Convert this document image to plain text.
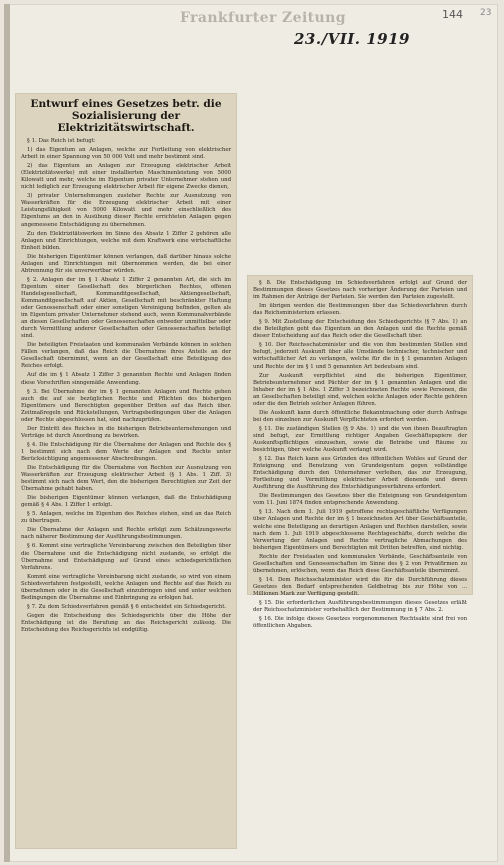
Frankfurter Zeitung	144 23
23./VII. 1919
Entwurf eines Gesetzes betr. die Sozialisierung der Elektrizitätswirtschaft.

§ 1. Das Reich ist befugt:

1) das Eigentum an Anlagen, welche zur Fortleitung von elektrischer Arbeit in einer Spannung von 50 000 Volt und mehr bestimmt sind.

2) das Eigentum an Anlagen zur Erzeugung elektrischer Arbeit (Elektrizitätswerke) mit einer installierten Maschinenleistung von 5000 Kilowatt und mehr, welche im Eigentum privater Unternehmer stehen und nicht lediglich zur Erzeugung elektrischer Arbeit für eigene Zwecke dienen,

3) privater Unternehmungen zusteher Rechte zur Ausnutzung von Wasserkräften für die Erzeugung elektrischer Arbeit mit einer Leistungsfähigkeit von 5000 Kilowatt und mehr einschließlich des Eigentums an den in Ausübung dieser Rechte errichteten Anlagen gegen angemessene Entschädigung zu übernehmen.

Zu den Elektrizitätswerken im Sinne des Absatz 1 Ziffer 2 gehören alle Anlagen und Einrichtungen, welche mit dem Kraftwerk eine wirtschaftliche Einheit bilden.

Die bisherigen Eigentümer können verlangen, daß darüber hinaus solche Anlagen und Einrichtungen mit übernommen werden, die bei einer Abtrennung für sie unverwertbar würden.

§ 2. Anlagen der im § 1 Absatz 1 Ziffer 2 genannten Art, die sich im Eigentum einer Gesellschaft des bürgerlichen Rechtes, offenen Handelsgesellschaft, Kommanditgesellschaft, Aktiengesellschaft, Kommanditgesellschaft auf Aktien, Gesellschaft mit beschränkter Haftung oder Genossenschaft oder einer sonstigen Vereinigung befinden, gelten als im Eigentum privater Unternehmer stehend auch, wenn Kommunalverbände an diesen Gesellschaften oder Genossenschaften entweder unmittelbar oder durch Vermittlung anderer Gesellschaften oder Genossenschaften beteiligt sind.

Die beteiligten Freistaaten und kommunalen Verbände können in solchen Fällen verlangen, daß das Reich die Übernahme ihres Anteils an der Gesellschaft übernimmt, wenn an der Gesellschaft eine Beteiligung des Reiches erfolgt.

Auf die im § 1 Absatz 1 Ziffer 3 genannten Rechte und Anlagen finden diese Vorschriften sinngemäße Anwendung.

§ 3. Bei Übernahme der im § 1 genannten Anlagen und Rechte gehen auch die auf sie bezüglichen Rechte und Pflichten des bisherigen Eigentümers und Berechtigten gegenüber Dritten auf das Reich über. Zeitmaßregeln und Rückstellungen, Vertragsbedingungen über die Anlagen oder Rechte abgeschlossen hat, sind nachzuprüfen.

Der Eintritt des Reiches in die bisherigen Betriebsunternehmungen und Verträge ist durch Anordnung zu bewirken.

§ 4. Die Entschädigung für die Übernahme der Anlagen und Rechte des § 1 bestimmt sich nach dem Werte der Anlagen und Rechte unter Berücksichtigung angemessener Abschreibungen.

Die Entschädigung für die Übernahme von Rechten zur Ausnutzung von Wasserkräften zur Erzeugung elektrischer Arbeit (§ 1 Abs. 1 Ziff. 3) bestimmt sich nach dem Wert, den die bisherigen Berechtigten zur Zeit der Übernahme gehabt haben.

Die bisherigen Eigentümer können verlangen, daß die Entschädigung gemäß § 4 Abs. 1 Ziffer 1 erfolgt.

§ 5. Anlagen, welche im Eigentum des Reiches stehen, sind an das Reich zu übertragen.

Die Übernahme der Anlagen und Rechte erfolgt zum Schätzungswerte nach näherer Bestimmung der Ausführungsbestimmungen.

§ 6. Kommt eine vertragliche Vereinbarung zwischen den Beteiligten über die Übernahme und die Entschädigung nicht zustande, so erfolgt die Übernahme und Entschädigung auf Grund eines schiedsgerichtlichen Verfahrens.

Kommt eine vertragliche Vereinbarung nicht zustande, so wird von einem Schiedsverfahren festgestellt, welche Anlagen und Rechte auf das Reich zu übernehmen oder in die Gesellschaft einzubringen sind und unter welchen Bedingungen die Übernahme und Einbringung zu erfolgen hat.

§ 7. Zu dem Schiedsverfahren gemäß § 6 entscheidet ein Schiedsgericht.

Gegen die Entscheidung des Schiedsgerichts über die Höhe der Entschädigung ist die Berufung an das Reichsgericht zulässig. Die Entscheidung des Reichsgerichts ist endgültig.

§ 8. Die Entschädigung im Schiedsverfahren erfolgt auf Grund der Bestimmungen dieses Gesetzes nach vorheriger Änderung der Parteien und im Rahmen der Anträge der Parteien. Sie werden den Parteien zugestellt.

Im übrigen werden die Bestimmungen über das Schiedsverfahren durch das Reichsministerium erlassen.

§ 9. Mit Zustellung der Entscheidung des Schiedsgerichts (§ 7 Abs. 1) an die Beteiligten geht das Eigentum an den Anlagen und die Rechte gemäß dieser Entscheidung auf das Reich oder die Gesellschaft über.

§ 10. Der Reichsschatzminister und die von ihm bestimmten Stellen sind befugt, jederzeit Auskunft über alle Umstände technischer, technischer und wirtschaftlicher Art zu verlangen, welche für die in § 1 genannten Anlagen und Rechte der im § 1 und 5 genannten Art bedeutsam sind.

Zur Auskunft verpflichtet sind die bisherigen Eigentümer, Betriebsunternehmer und Pächter der im § 1 genannten Anlagen und die Inhaber der im § 1 Abs. 1 Ziffer 3 bezeichneten Rechte sowie Personen, die an Gesellschaften beteiligt sind, welchen solche Anlagen oder Rechte gehören oder die den Betrieb solcher Anlagen führen.

Die Auskunft kann durch öffentliche Bekanntmachung oder durch Anfrage bei den einzelnen zur Auskunft Verpflichteten erfordert werden.

§ 11. Die zuständigen Stellen (§ 9 Abs. 1) und die von ihnen Beauftragten sind befugt, zur Ermittlung richtiger Angaben Geschäftspapiere der Auskunftspflichtigen einzusehen, sowie die Betriebe und Räume zu besichtigen, über welche Auskunft verlangt wird.

§ 12. Das Reich kann aus Gründen des öffentlichen Wohles auf Grund der Enteignung und Benutzung von Grundeigentum gegen vollständige Entschädigung durch den Unternehmer verleihen, das zur Erzeugung, Fortleitung und Vermittlung elektrischer Arbeit dienende und deren Ausführung die Ausführung des Entschädigungsverfahrens erfordert.

Die Bestimmungen des Gesetzes über die Enteignung von Grundeigentum vom 11. Juni 1874 finden entsprechende Anwendung.

§ 13. Nach dem 1. Juli 1919 getroffene rechtsgeschäftliche Verfügungen über Anlagen und Rechte der im § 1 bezeichneten Art über Geschäftsanteile, welche eine Beteiligung an derartigen Anlagen und Rechten darstellen, sowie nach dem 1. Juli 1919 abgeschlossene Rechtsgeschäfte, durch welche die Verwertung der Anlagen und Rechte vertragliche Abmachungen des bisherigen Eigentümers und Berechtigten mit Dritten betreffen, sind nichtig.

Rechte der Freistaaten und kommunalen Verbände, Geschäftsanteile von Gesellschaften und Genossenschaften im Sinne des § 2 von Privatfirmen zu übernehmen, erlöschen, wenn das Reich diese Geschäftsanteile übernimmt.

§ 14. Dem Reichsschatzminister wird die für die Durchführung dieses Gesetzes den Bedarf entsprechenden Geldbetrag bis zur Höhe von ... Millionen Mark zur Verfügung gestellt.

§ 15. Die erforderlichen Ausführungsbestimmungen dieses Gesetzes erläßt der Reichsschatzminister vorbehaltlich der Bestimmung in § 7 Abs. 2.

§ 16. Die infolge dieses Gesetzes vorgenommenen Rechtsakte sind frei von öffentlichen Abgaben.
